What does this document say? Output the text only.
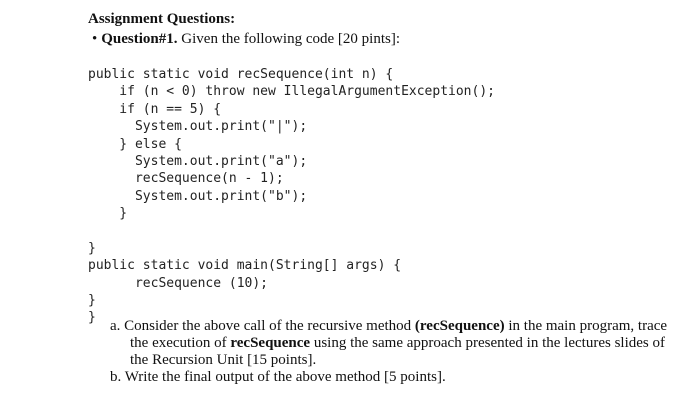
Assignment Questions:
• Question#1. Given the following code [20 pints]:
public static void recSequence(int n) {
if (n < 0) throw new IllegalArgumentException();
if (n == 5) {
System.out.print("|");
} else {
System.out.print("a");
recSequence(n - 1);
System.out.print("b");
}
}
public static void main(String[] args) {
recSequence (10);
}
}

a. Consider the above call of the recursive method (recSequence) in the main program, trace the execution of recSequence using the same approach presented in the lectures slides of the Recursion Unit [15 points].

b. Write the final output of the above method [5 points].
